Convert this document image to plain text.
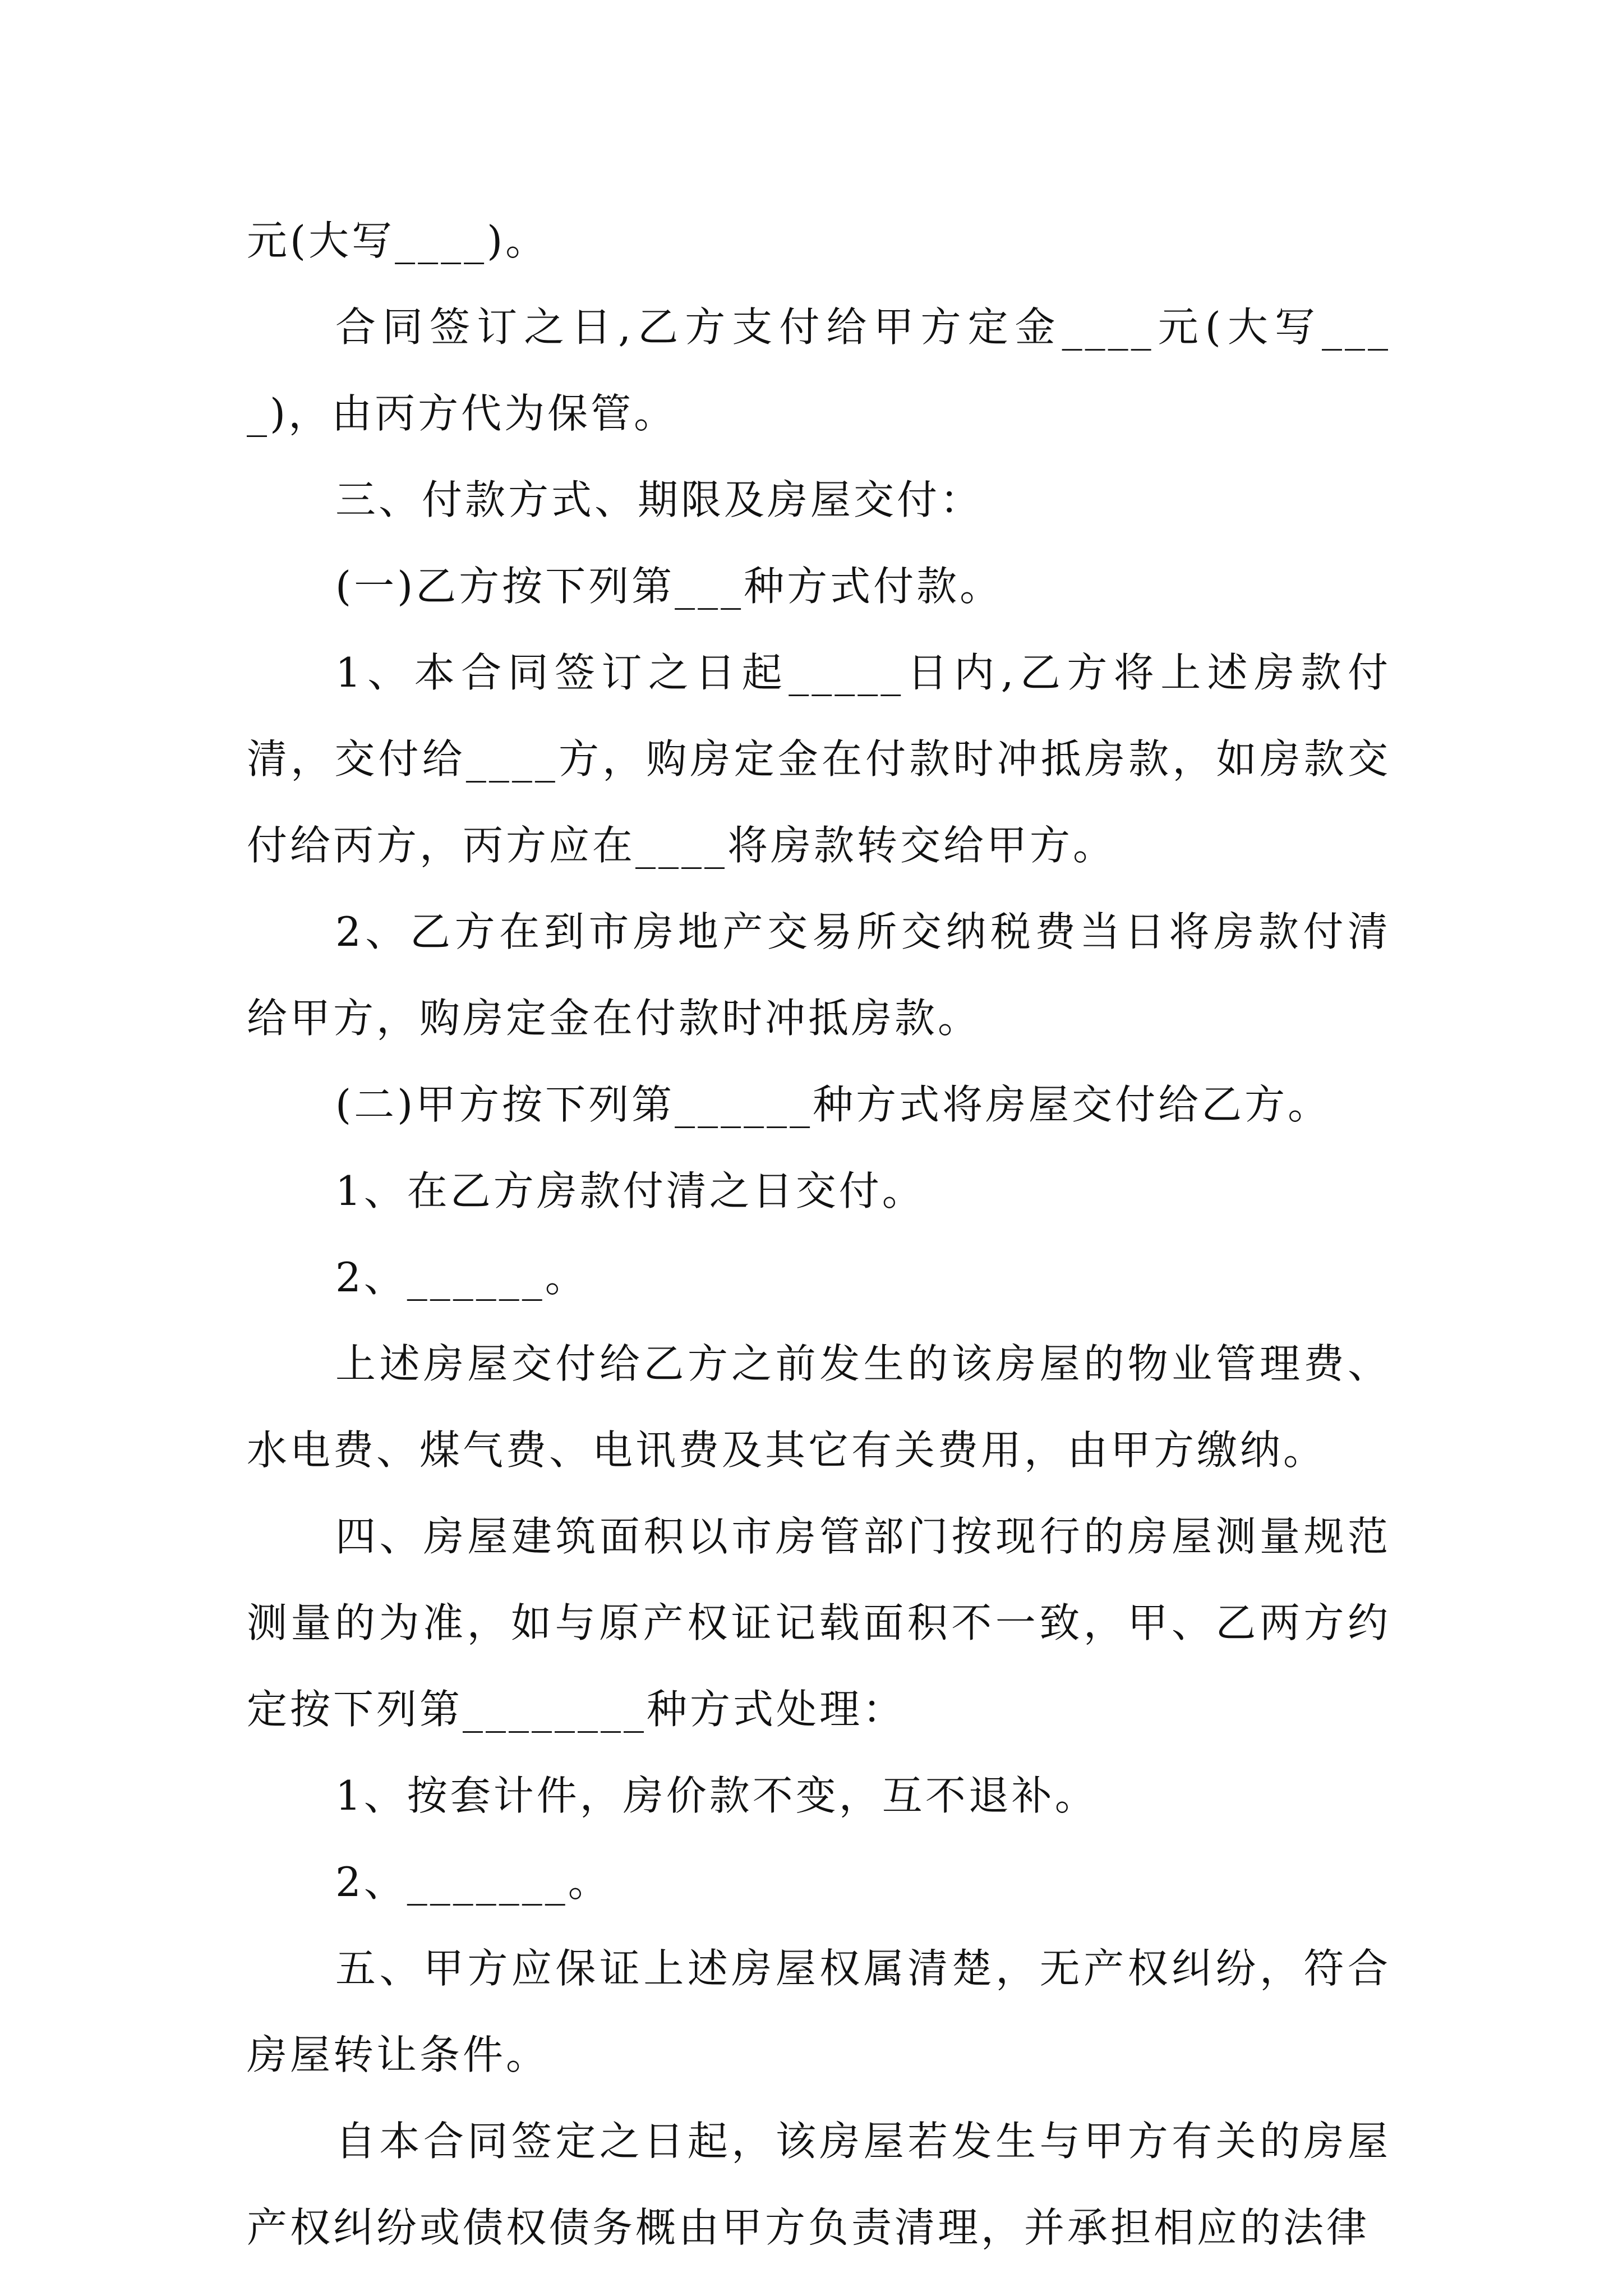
元(大写____)。

合同签订之日,乙方支付给甲方定金____元(大写____)，由丙方代为保管。

三、付款方式、期限及房屋交付：

(一)乙方按下列第___种方式付款。

1、本合同签订之日起_____日内,乙方将上述房款付清，交付给____方，购房定金在付款时冲抵房款，如房款交付给丙方，丙方应在____将房款转交给甲方。

2、乙方在到市房地产交易所交纳税费当日将房款付清给甲方，购房定金在付款时冲抵房款。

(二)甲方按下列第______种方式将房屋交付给乙方。

1、在乙方房款付清之日交付。

2、______。

上述房屋交付给乙方之前发生的该房屋的物业管理费、水电费、煤气费、电讯费及其它有关费用，由甲方缴纳。

四、房屋建筑面积以市房管部门按现行的房屋测量规范测量的为准，如与原产权证记载面积不一致，甲、乙两方约定按下列第________种方式处理：

1、按套计件，房价款不变，互不退补。

2、_______。

五、甲方应保证上述房屋权属清楚，无产权纠纷，符合房屋转让条件。

自本合同签定之日起，该房屋若发生与甲方有关的房屋产权纠纷或债权债务概由甲方负责清理，并承担相应的法律
